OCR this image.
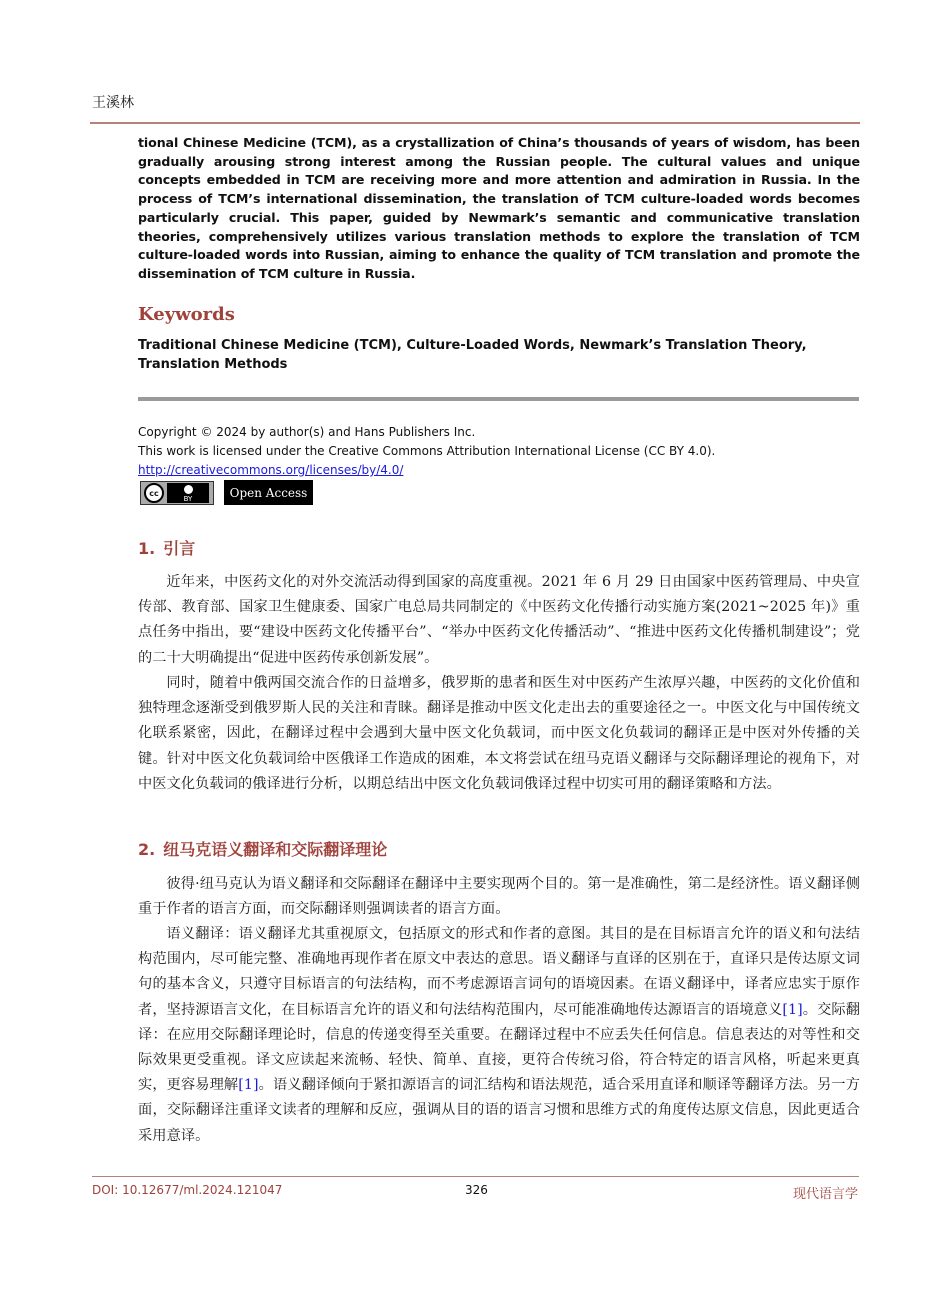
王溪林
tional Chinese Medicine (TCM), as a crystallization of China’s thousands of years of wisdom, has been gradually arousing strong interest among the Russian people. The cultural values and unique concepts embedded in TCM are receiving more and more attention and admiration in Russia. In the process of TCM’s international dissemination, the translation of TCM culture-loaded words becomes particularly crucial. This paper, guided by Newmark’s semantic and communicative translation theories, comprehensively utilizes various translation methods to explore the translation of TCM culture-loaded words into Russian, aiming to enhance the quality of TCM translation and promote the dissemination of TCM culture in Russia.
Keywords
Traditional Chinese Medicine (TCM), Culture-Loaded Words, Newmark’s Translation Theory, Translation Methods
Copyright © 2024 by author(s) and Hans Publishers Inc.
This work is licensed under the Creative Commons Attribution International License (CC BY 4.0).
http://creativecommons.org/licenses/by/4.0/
cc
BY	Open Access
1. 引言
近年来，中医药文化的对外交流活动得到国家的高度重视。2021 年 6 月 29 日由国家中医药管理局、中央宣传部、教育部、国家卫生健康委、国家广电总局共同制定的《中医药文化传播行动实施方案(2021~2025 年)》重点任务中指出，要“建设中医药文化传播平台”、“举办中医药文化传播活动”、“推进中医药文化传播机制建设”；党的二十大明确提出“促进中医药传承创新发展”。
同时，随着中俄两国交流合作的日益增多，俄罗斯的患者和医生对中医药产生浓厚兴趣，中医药的文化价值和独特理念逐渐受到俄罗斯人民的关注和青睐。翻译是推动中医文化走出去的重要途径之一。中医文化与中国传统文化联系紧密，因此，在翻译过程中会遇到大量中医文化负载词，而中医文化负载词的翻译正是中医对外传播的关键。针对中医文化负载词给中医俄译工作造成的困难，本文将尝试在纽马克语义翻译与交际翻译理论的视角下，对中医文化负载词的俄译进行分析，以期总结出中医文化负载词俄译过程中切实可用的翻译策略和方法。
2. 纽马克语义翻译和交际翻译理论
彼得·纽马克认为语义翻译和交际翻译在翻译中主要实现两个目的。第一是准确性，第二是经济性。语义翻译侧重于作者的语言方面，而交际翻译则强调读者的语言方面。
语义翻译：语义翻译尤其重视原文，包括原文的形式和作者的意图。其目的是在目标语言允许的语义和句法结构范围内，尽可能完整、准确地再现作者在原文中表达的意思。语义翻译与直译的区别在于，直译只是传达原文词句的基本含义，只遵守目标语言的句法结构，而不考虑源语言词句的语境因素。在语义翻译中，译者应忠实于原作者，坚持源语言文化，在目标语言允许的语义和句法结构范围内，尽可能准确地传达源语言的语境意义[1]。交际翻译：在应用交际翻译理论时，信息的传递变得至关重要。在翻译过程中不应丢失任何信息。信息表达的对等性和交际效果更受重视。译文应读起来流畅、轻快、简单、直接，更符合传统习俗，符合特定的语言风格，听起来更真实，更容易理解[1]。语义翻译倾向于紧扣源语言的词汇结构和语法规范，适合采用直译和顺译等翻译方法。另一方面，交际翻译注重译文读者的理解和反应，强调从目的语的语言习惯和思维方式的角度传达原文信息，因此更适合采用意译。
DOI: 10.12677/ml.2024.121047	326	现代语言学
